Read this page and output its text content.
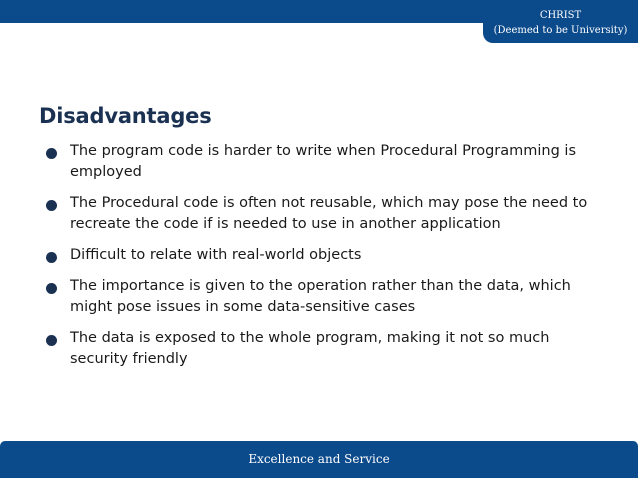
CHRIST
(Deemed to be University)
Disadvantages
The program code is harder to write when Procedural Programming is employed
The Procedural code is often not reusable, which may pose the need to recreate the code if is needed to use in another application
Difficult to relate with real-world objects
The importance is given to the operation rather than the data, which might pose issues in some data-sensitive cases
The data is exposed to the whole program, making it not so much security friendly
Excellence and Service
